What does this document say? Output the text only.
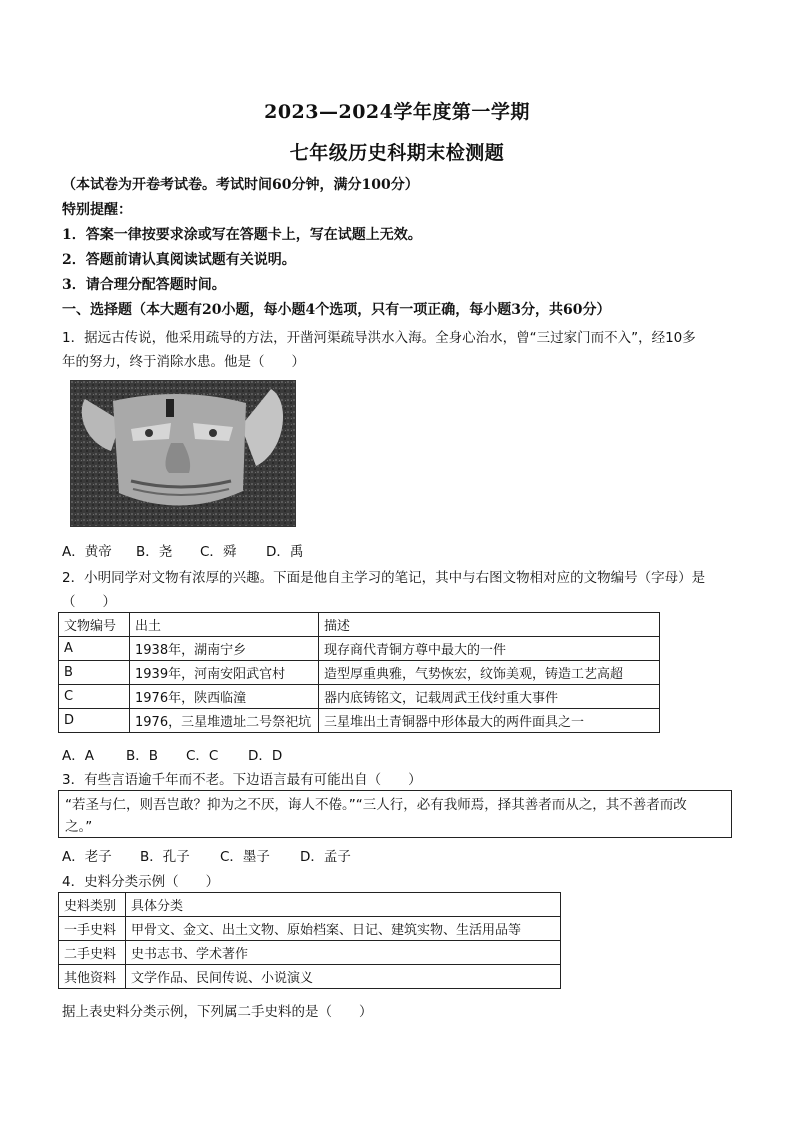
2023—2024学年度第一学期
七年级历史科期末检测题
（本试卷为开卷考试卷。考试时间60分钟，满分100分）
特别提醒：
1．答案一律按要求涂或写在答题卡上，写在试题上无效。
2．答题前请认真阅读试题有关说明。
3．请合理分配答题时间。
一、选择题（本大题有20小题，每小题4个选项，只有一项正确，每小题3分，共60分）
1．据远古传说，他采用疏导的方法，开凿河渠疏导洪水入海。全身心治水，曾“三过家门而不入”，经10多
年的努力，终于消除水患。他是（　　）
A．黄帝 B．尧 C．舜 D．禹
2．小明同学对文物有浓厚的兴趣。下面是他自主学习的笔记，其中与右图文物相对应的文物编号（字母）是
（　　）
文物编号	出土	描述
A	1938年，湖南宁乡	现存商代青铜方尊中最大的一件
B	1939年，河南安阳武官村	造型厚重典雅，气势恢宏，纹饰美观，铸造工艺高超
C	1976年，陕西临潼	器内底铸铭文，记载周武王伐纣重大事件
D	1976，三星堆遗址二号祭祀坑	三星堆出土青铜器中形体最大的两件面具之一
A．A B．B C．C D．D
3．有些言语逾千年而不老。下边语言最有可能出自（　　）
“若圣与仁，则吾岂敢？抑为之不厌，诲人不倦。”“三人行，必有我师焉，择其善者而从之，其不善者而改
之。”
A．老子 B．孔子 C．墨子 D．孟子
4．史料分类示例（　　）
史料类别	具体分类
一手史料	甲骨文、金文、出土文物、原始档案、日记、建筑实物、生活用品等
二手史料	史书志书、学术著作
其他资料	文学作品、民间传说、小说演义
据上表史料分类示例，下列属二手史料的是（　　）
